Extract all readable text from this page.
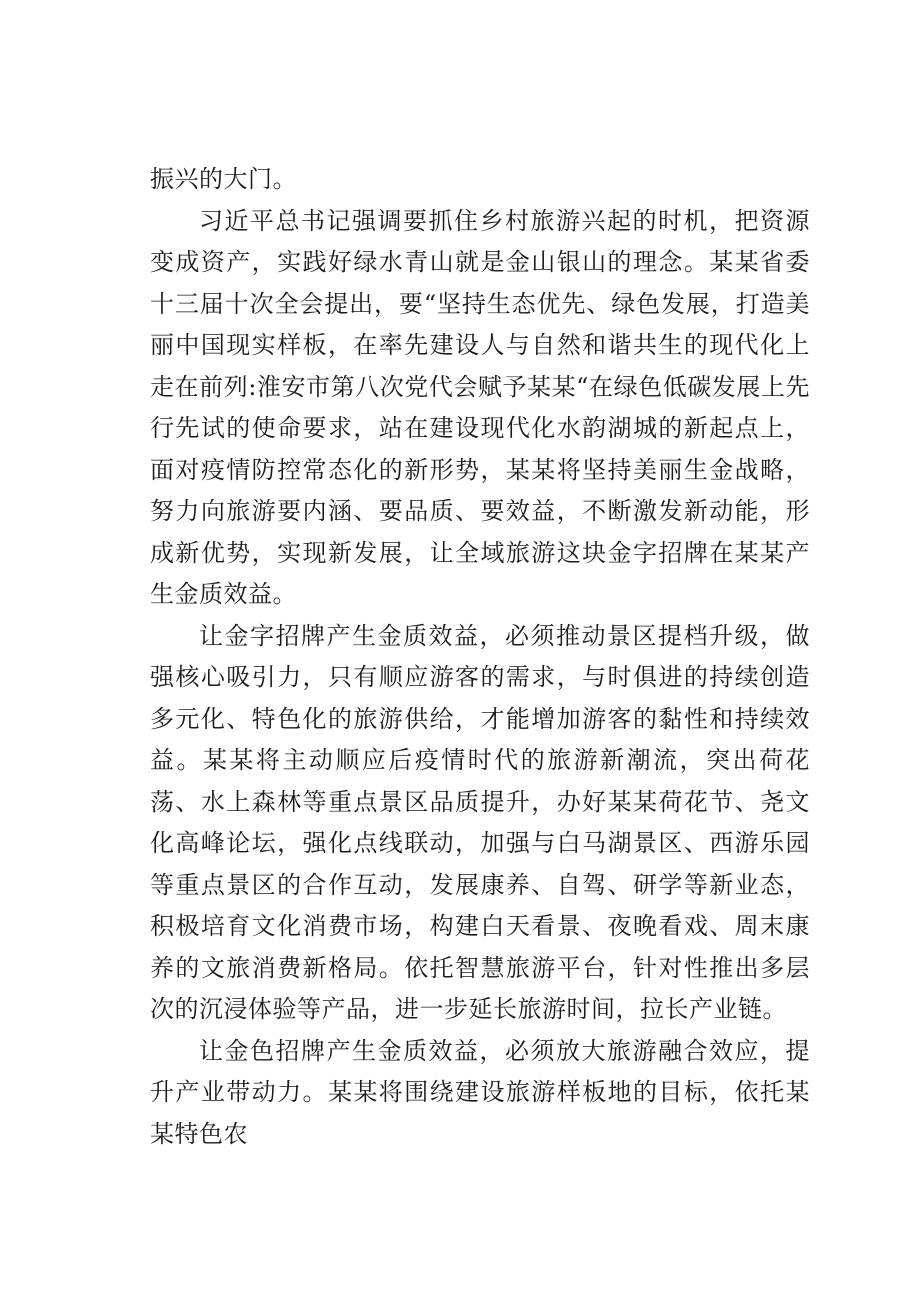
振兴的大门。

习近平总书记强调要抓住乡村旅游兴起的时机，把资源变成资产，实践好绿水青山就是金山银山的理念。某某省委十三届十次全会提出，要“坚持生态优先、绿色发展，打造美丽中国现实样板，在率先建设人与自然和谐共生的现代化上走在前列:淮安市第八次党代会赋予某某“在绿色低碳发展上先行先试的使命要求，站在建设现代化水韵湖城的新起点上，面对疫情防控常态化的新形势，某某将坚持美丽生金战略，努力向旅游要内涵、要品质、要效益，不断激发新动能，形成新优势，实现新发展，让全域旅游这块金字招牌在某某产生金质效益。

让金字招牌产生金质效益，必须推动景区提档升级，做强核心吸引力，只有顺应游客的需求，与时俱进的持续创造多元化、特色化的旅游供给，才能增加游客的黏性和持续效益。某某将主动顺应后疫情时代的旅游新潮流，突出荷花荡、水上森林等重点景区品质提升，办好某某荷花节、尧文化高峰论坛，强化点线联动，加强与白马湖景区、西游乐园等重点景区的合作互动，发展康养、自驾、研学等新业态，积极培育文化消费市场，构建白天看景、夜晚看戏、周末康养的文旅消费新格局。依托智慧旅游平台，针对性推出多层次的沉浸体验等产品，进一步延长旅游时间，拉长产业链。

让金色招牌产生金质效益，必须放大旅游融合效应，提升产业带动力。某某将围绕建设旅游样板地的目标，依托某某特色农
